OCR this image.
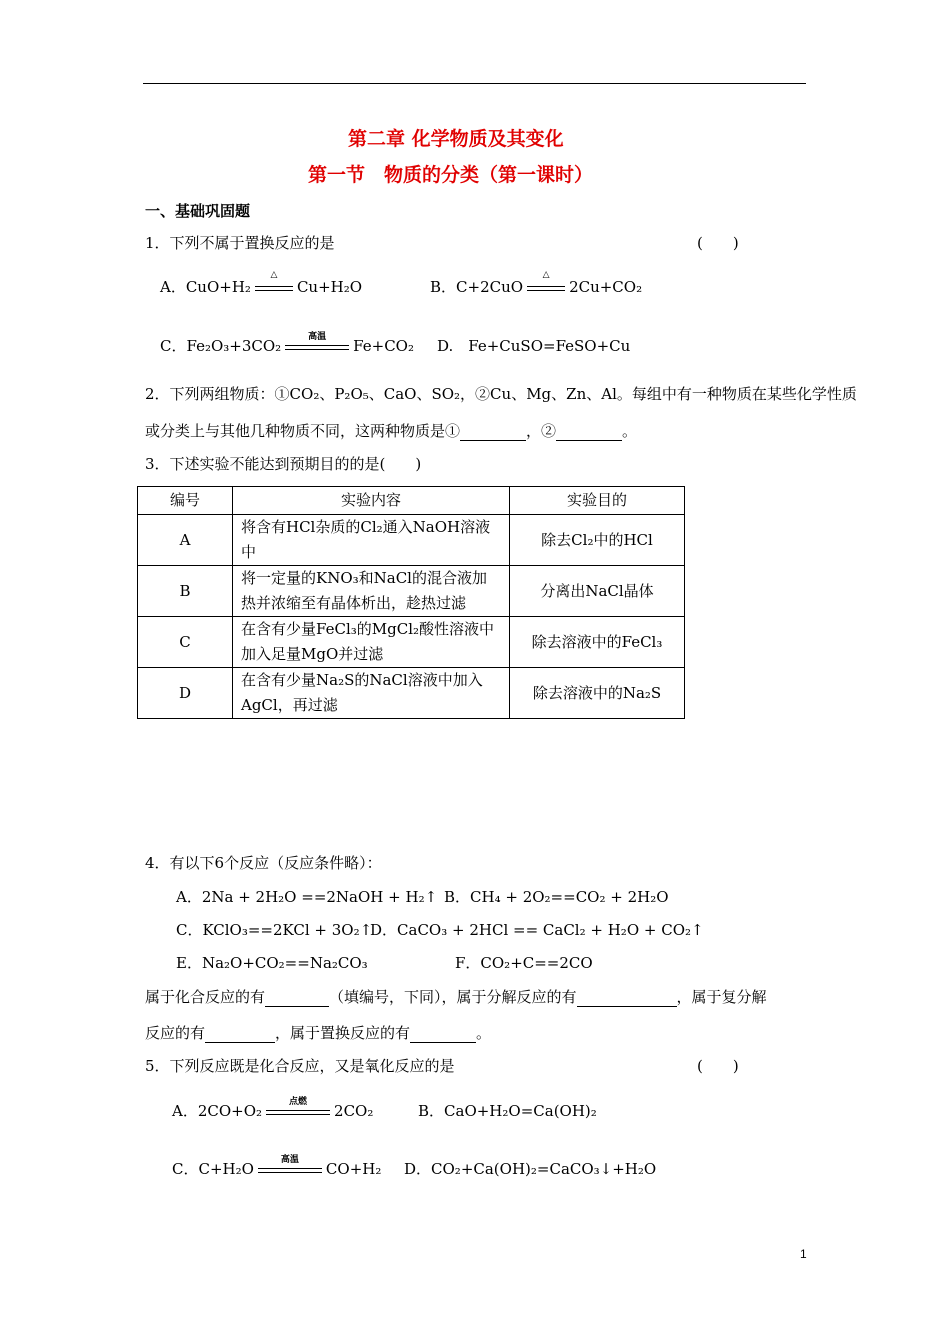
第二章 化学物质及其变化
第一节　物质的分类（第一课时）
一、基础巩固题
1．下列不属于置换反应的是	(　　)
A．CuO+H₂
△
Cu+H₂O	B．C+2CuO
△
2Cu+CO₂
C．Fe₂O₃+3CO₂	高温	Fe+CO₂ D.　Fe+CuSO=FeSO+Cu
2．下列两组物质：①CO₂、P₂O₅、CaO、SO₂，②Cu、Mg、Zn、Al。每组中有一种物质在某些化学性质
或分类上与其他几种物质不同，这两种物质是①	，②	。
3．下述实验不能达到预期目的的是(　　)
编号	实验内容	实验目的
A	将含有HCl杂质的Cl₂通入NaOH溶液中	除去Cl₂中的HCl
B	将一定量的KNO₃和NaCl的混合液加热并浓缩至有晶体析出，趁热过滤	分离出NaCl晶体
C	在含有少量FeCl₃的MgCl₂酸性溶液中加入足量MgO并过滤	除去溶液中的FeCl₃
D	在含有少量Na₂S的NaCl溶液中加入AgCl，再过滤	除去溶液中的Na₂S
4．有以下6个反应（反应条件略）：
A．2Na + 2H₂O ==2NaOH + H₂↑ B．CH₄ + 2O₂==CO₂ + 2H₂O
C．KClO₃==2KCl + 3O₂↑
D．CaCO₃ + 2HCl == CaCl₂ + H₂O + CO₂↑
E．Na₂O+CO₂==Na₂CO₃	F．CO₂+C==2CO
属于化合反应的有	（填编号，下同），属于分解反应的有	，属于复分解
反应的有	，属于置换反应的有	。
5．下列反应既是化合反应，又是氧化反应的是	(　　)
A．2CO+O₂	点燃	2CO₂	B．CaO+H₂O=Ca(OH)₂
C．C+H₂O	高温	CO+H₂ D．CO₂+Ca(OH)₂=CaCO₃↓+H₂O
1
